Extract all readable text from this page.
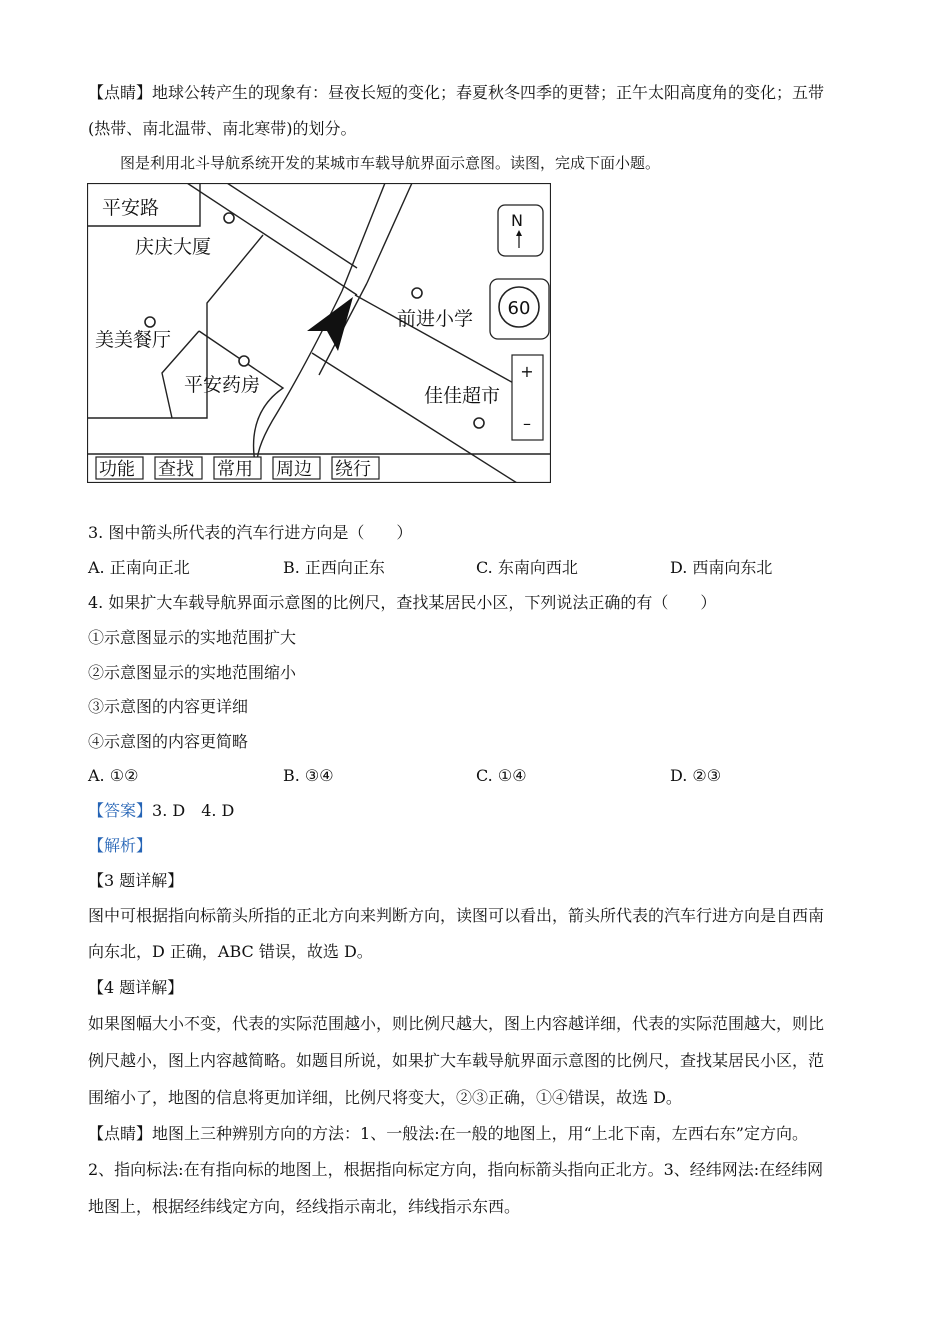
【点睛】地球公转产生的现象有：昼夜长短的变化；春夏秋冬四季的更替；正午太阳高度角的变化；五带
(热带、南北温带、南北寒带)的划分。
图是利用北斗导航系统开发的某城市车载导航界面示意图。读图，完成下面小题。
平安路
庆庆大厦
美美餐厅
平安药房
前进小学
佳佳超市
N
60
+
–
功能 查找 常用 周边 绕行
3. 图中箭头所代表的汽车行进方向是（　　）
A. 正南向正北	B. 正西向正东	C. 东南向西北	D. 西南向东北
4. 如果扩大车载导航界面示意图的比例尺，查找某居民小区，下列说法正确的有（　　）
①示意图显示的实地范围扩大
②示意图显示的实地范围缩小
③示意图的内容更详细
④示意图的内容更简略
A. ①②	B. ③④	C. ①④	D. ②③
【答案】3. D　4. D
【解析】
【3 题详解】
图中可根据指向标箭头所指的正北方向来判断方向，读图可以看出，箭头所代表的汽车行进方向是自西南
向东北，D 正确，ABC 错误，故选 D。
【4 题详解】
如果图幅大小不变，代表的实际范围越小，则比例尺越大，图上内容越详细，代表的实际范围越大，则比
例尺越小，图上内容越简略。如题目所说，如果扩大车载导航界面示意图的比例尺，查找某居民小区，范
围缩小了，地图的信息将更加详细，比例尺将变大，②③正确，①④错误，故选 D。
【点睛】地图上三种辨别方向的方法：1、一般法:在一般的地图上，用“上北下南，左西右东”定方向。
2、指向标法:在有指向标的地图上，根据指向标定方向，指向标箭头指向正北方。3、经纬网法:在经纬网
地图上，根据经纬线定方向，经线指示南北，纬线指示东西。
